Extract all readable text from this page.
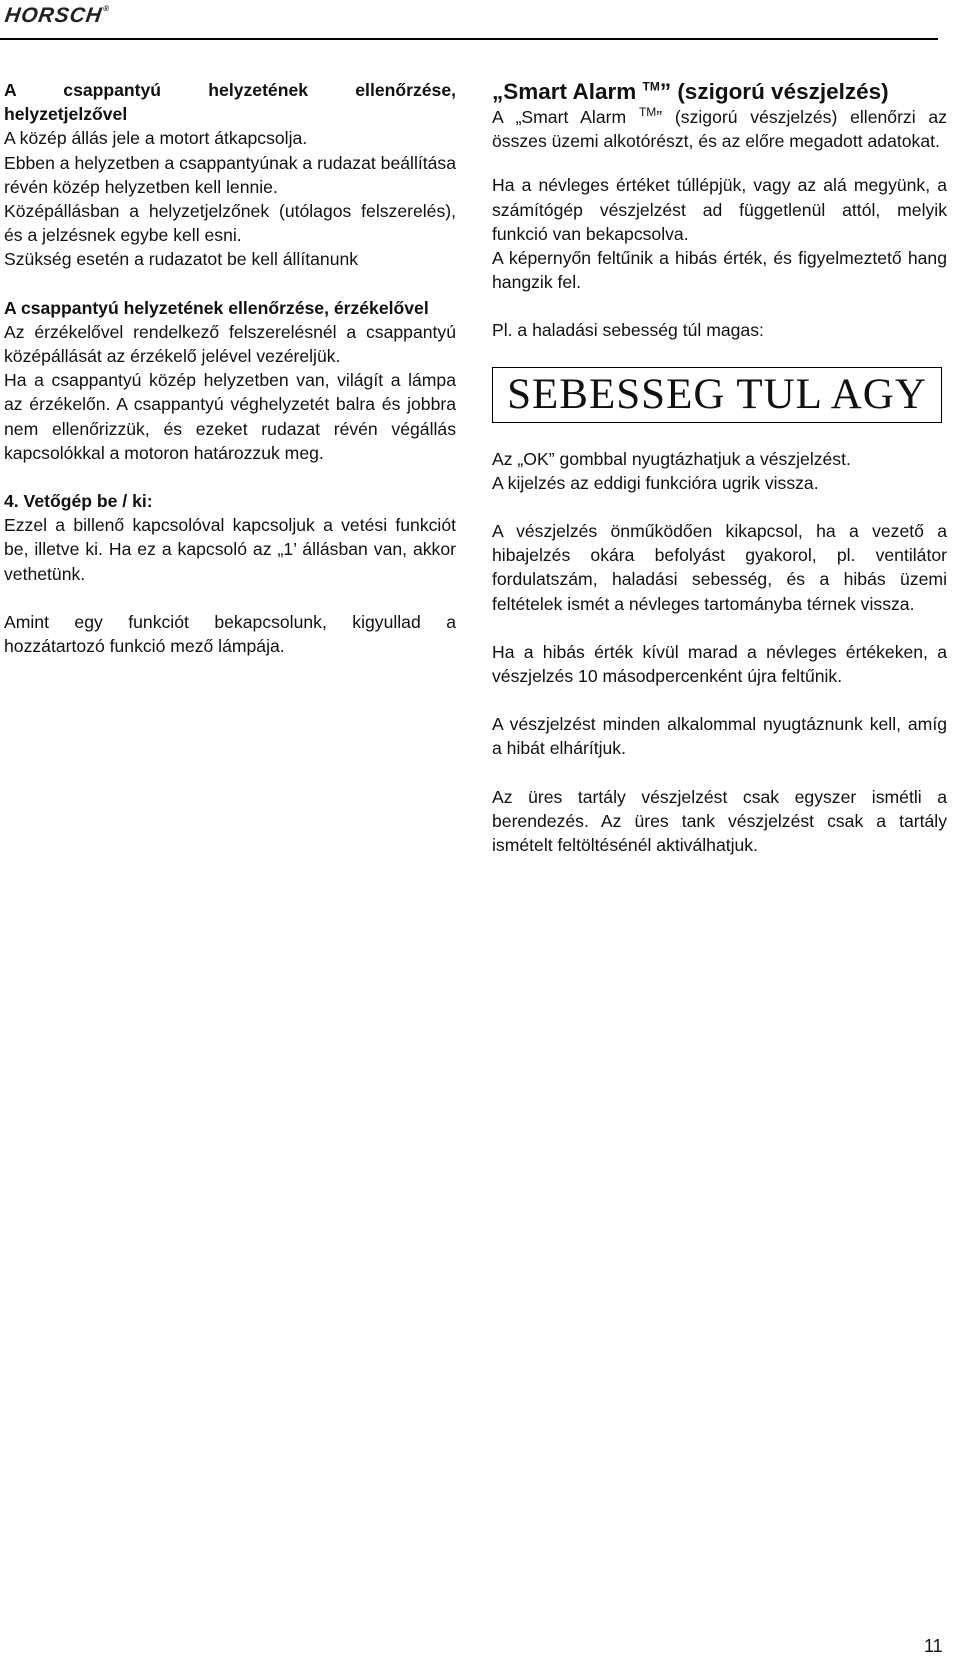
HORSCH®

A csappantyú helyzetének ellenőrzése, helyzetjelzővel

A közép állás jele a motort átkapcsolja.

Ebben a helyzetben a csappantyúnak a rudazat beállítása révén közép helyzetben kell lennie.

Középállásban a helyzetjelzőnek (utólagos felszerelés), és a jelzésnek egybe kell esni.

Szükség esetén a rudazatot be kell állítanunk

A csappantyú helyzetének ellenőrzése, érzékelővel

Az érzékelővel rendelkező felszerelésnél a csappantyú középállását az érzékelő jelével vezéreljük.

Ha a csappantyú közép helyzetben van, világít a lámpa az érzékelőn. A csappantyú véghelyzetét balra és jobbra nem ellenőrizzük, és ezeket rudazat révén végállás kapcsolókkal a motoron határozzuk meg.

4. Vetőgép be / ki:

Ezzel a billenő kapcsolóval kapcsoljuk a vetési funkciót be, illetve ki. Ha ez a kapcsoló az „1’ állásban van, akkor vethetünk.

Amint egy funkciót bekapcsolunk, kigyullad a hozzátartozó funkció mező lámpája.

„Smart Alarm ™” (szigorú vészjelzés)

A „Smart Alarm ™” (szigorú vészjelzés) ellenőrzi az összes üzemi alkotórészt, és az előre megadott adatokat.

Ha a névleges értéket túllépjük, vagy az alá megyünk, a számítógép vészjelzést ad függetlenül attól, melyik funkció van bekapcsolva.

A képernyőn feltűnik a hibás érték, és figyelmeztető hang hangzik fel.

Pl. a haladási sebesség túl magas:

SEBESSEG TUL AGY

Az „OK” gombbal nyugtázhatjuk a vészjelzést.

A kijelzés az eddigi funkcióra ugrik vissza.

A vészjelzés önműködően kikapcsol, ha a vezető a hibajelzés okára befolyást gyakorol, pl. ventilátor fordulatszám, haladási sebesség, és a hibás üzemi feltételek ismét a névleges tartományba térnek vissza.

Ha a hibás érték kívül marad a névleges értékeken, a vészjelzés 10 másodpercenként újra feltűnik.

A vészjelzést minden alkalommal nyugtáznunk kell, amíg a hibát elhárítjuk.

Az üres tartály vészjelzést csak egyszer ismétli a berendezés. Az üres tank vészjelzést csak a tartály ismételt feltöltésénél aktiválhatjuk.

11
